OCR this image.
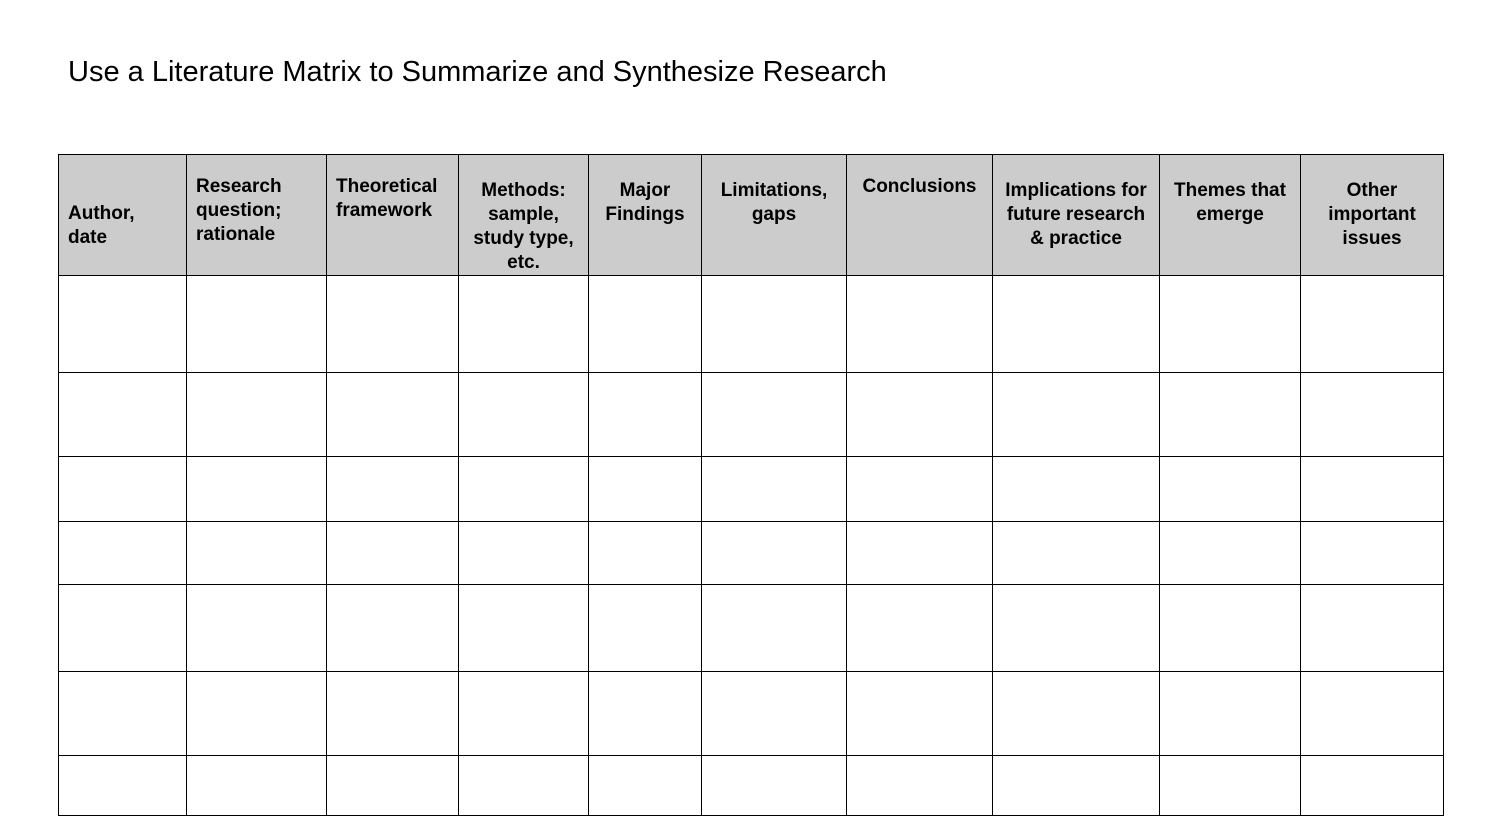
Use a Literature Matrix to Summarize and Synthesize Research
Author, date	Research question; rationale	Theoretical framework	Methods: sample, study type, etc.	Major Findings	Limitations, gaps	Conclusions	Implications for future research & practice	Themes that emerge	Other important issues
